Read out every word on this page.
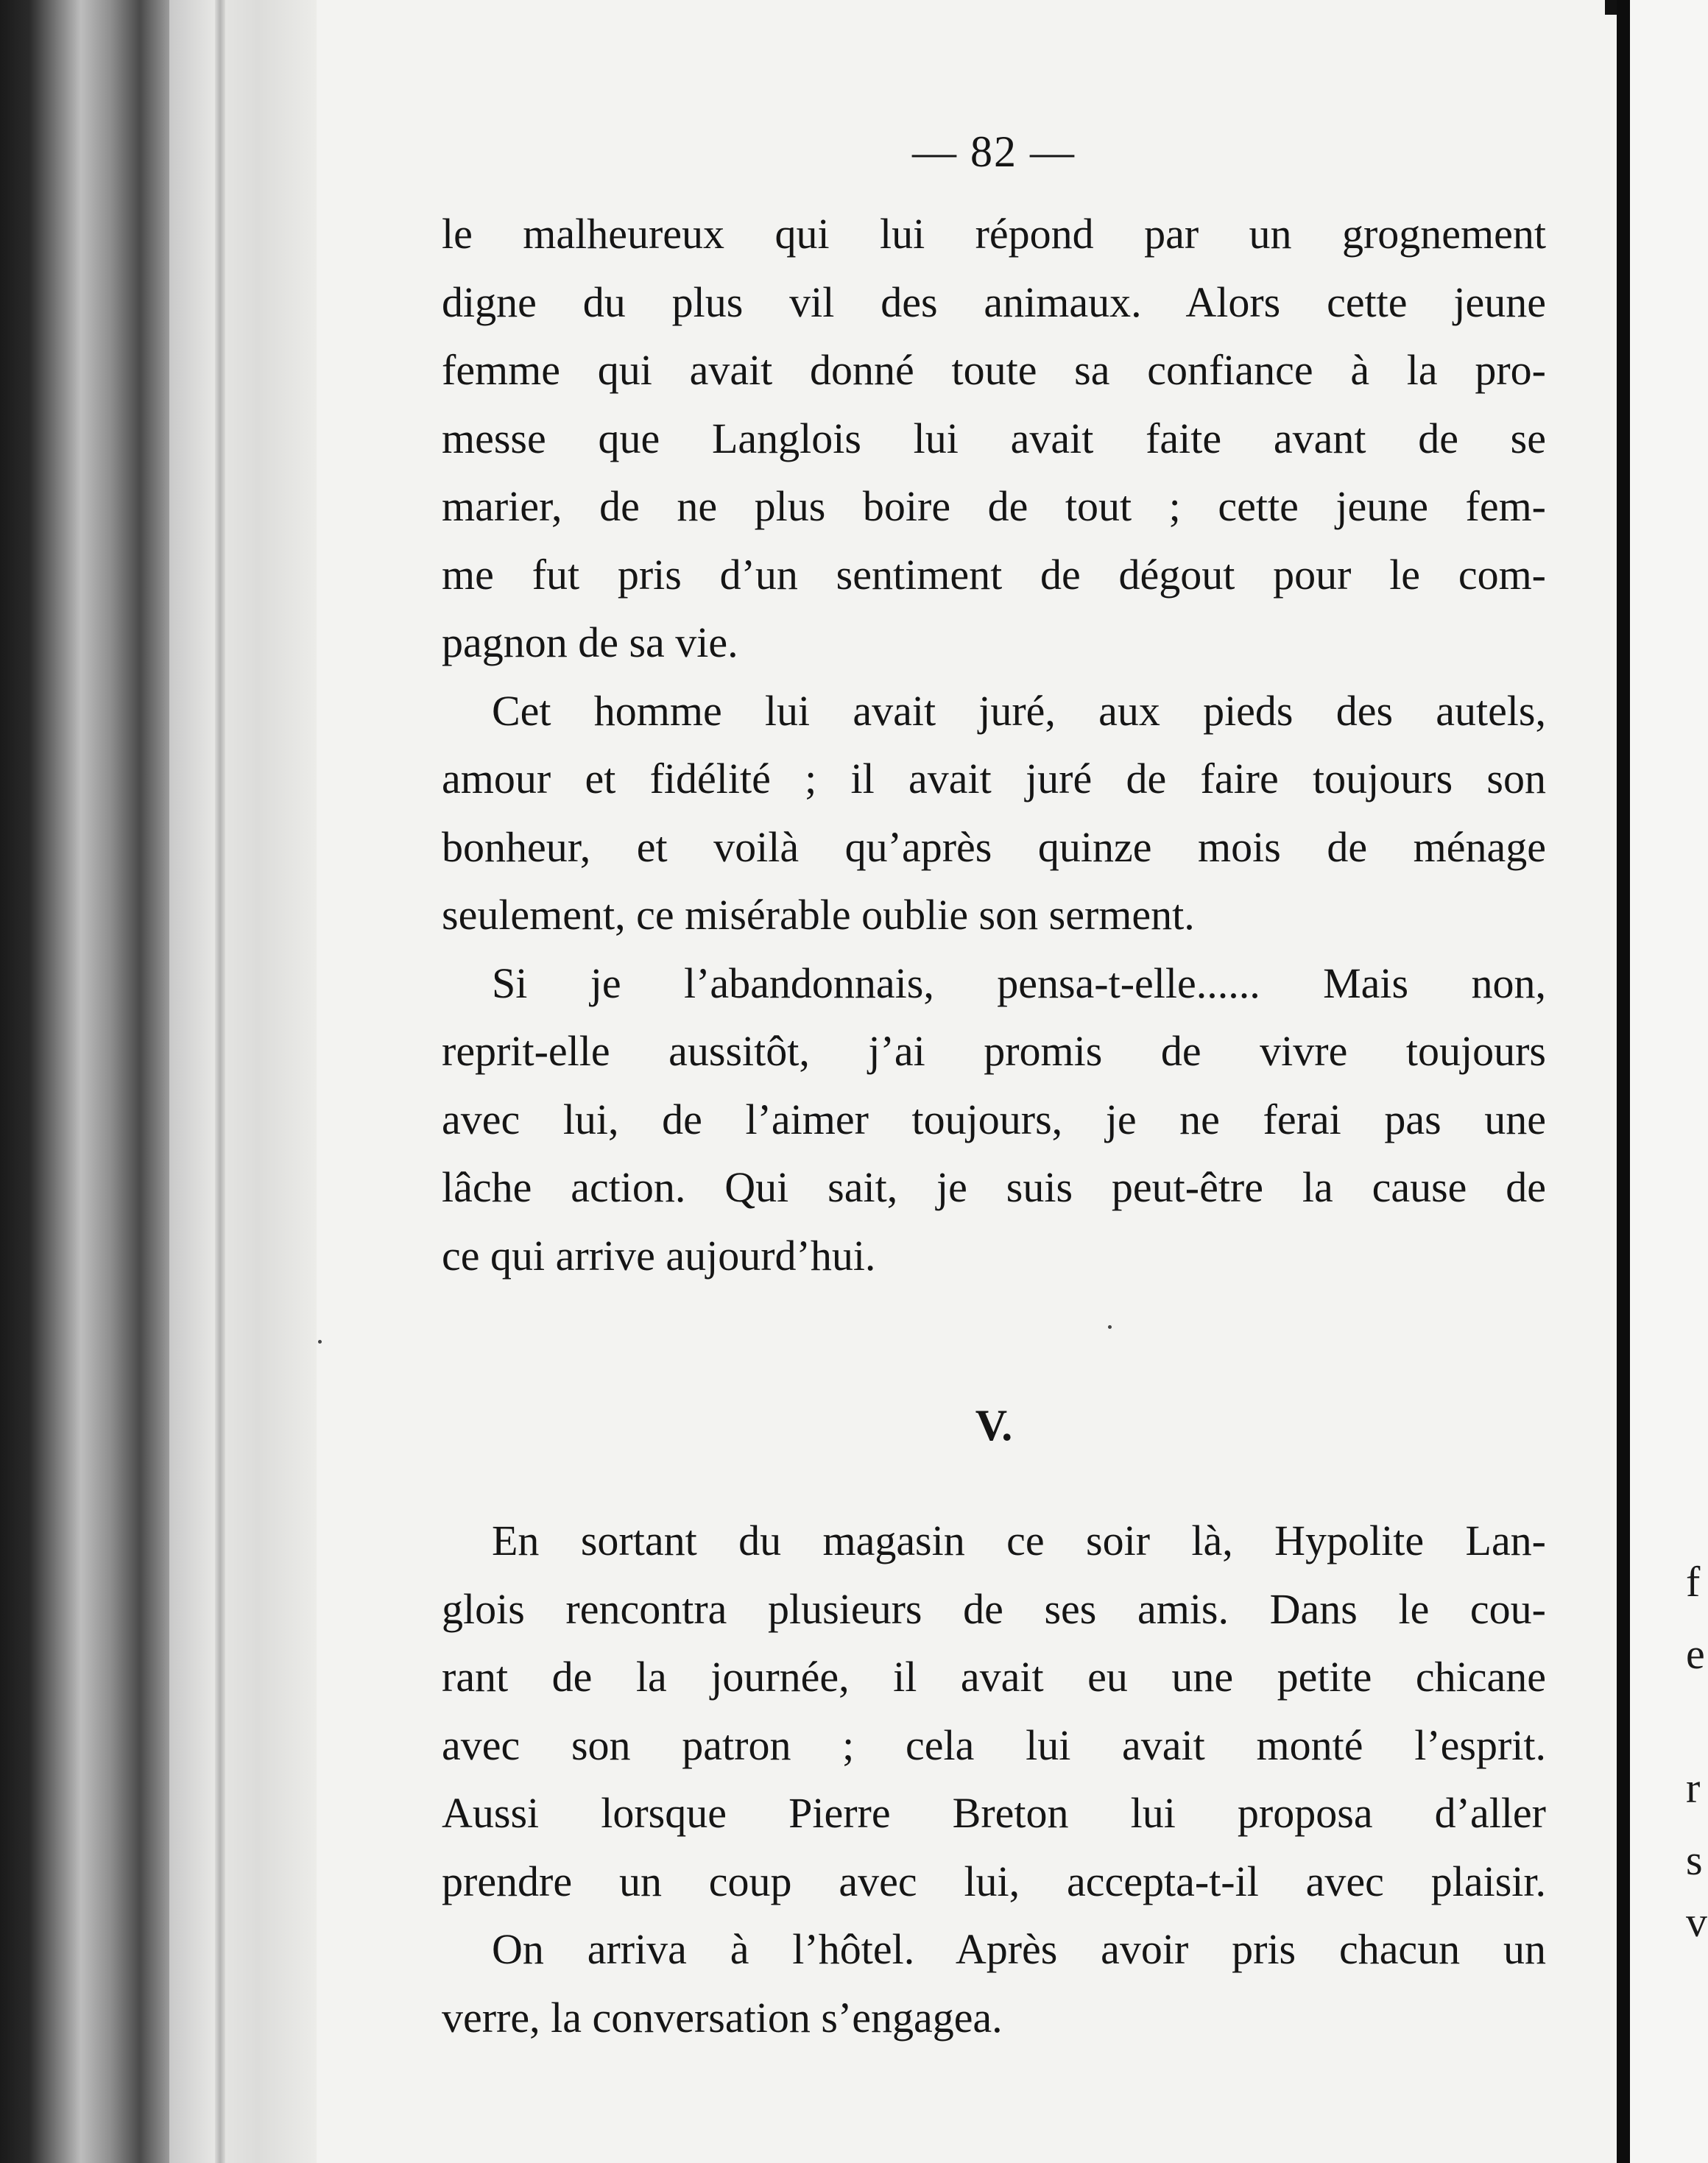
f
e
r
s
v
— 82 —

le malheureux qui lui répond par un grognement
digne du plus vil des animaux. Alors cette jeune
femme qui avait donné toute sa confiance à la pro-
messe que Langlois lui avait faite avant de se
marier, de ne plus boire de tout ; cette jeune fem-
me fut pris d’un sentiment de dégout pour le com-
pagnon de sa vie.

Cet homme lui avait juré, aux pieds des autels,
amour et fidélité ; il avait juré de faire toujours son
bonheur, et voilà qu’après quinze mois de ménage
seulement, ce misérable oublie son serment.

Si je l’abandonnais, pensa-t-elle...... Mais non,
reprit-elle aussitôt, j’ai promis de vivre toujours
avec lui, de l’aimer toujours, je ne ferai pas une
lâche action. Qui sait, je suis peut-être la cause de
ce qui arrive aujourd’hui.

V.

En sortant du magasin ce soir là, Hypolite Lan-
glois rencontra plusieurs de ses amis. Dans le cou-
rant de la journée, il avait eu une petite chicane
avec son patron ; cela lui avait monté l’esprit.
Aussi lorsque Pierre Breton lui proposa d’aller
prendre un coup avec lui, accepta-t-il avec plaisir.

On arriva à l’hôtel. Après avoir pris chacun un
verre, la conversation s’engagea.
